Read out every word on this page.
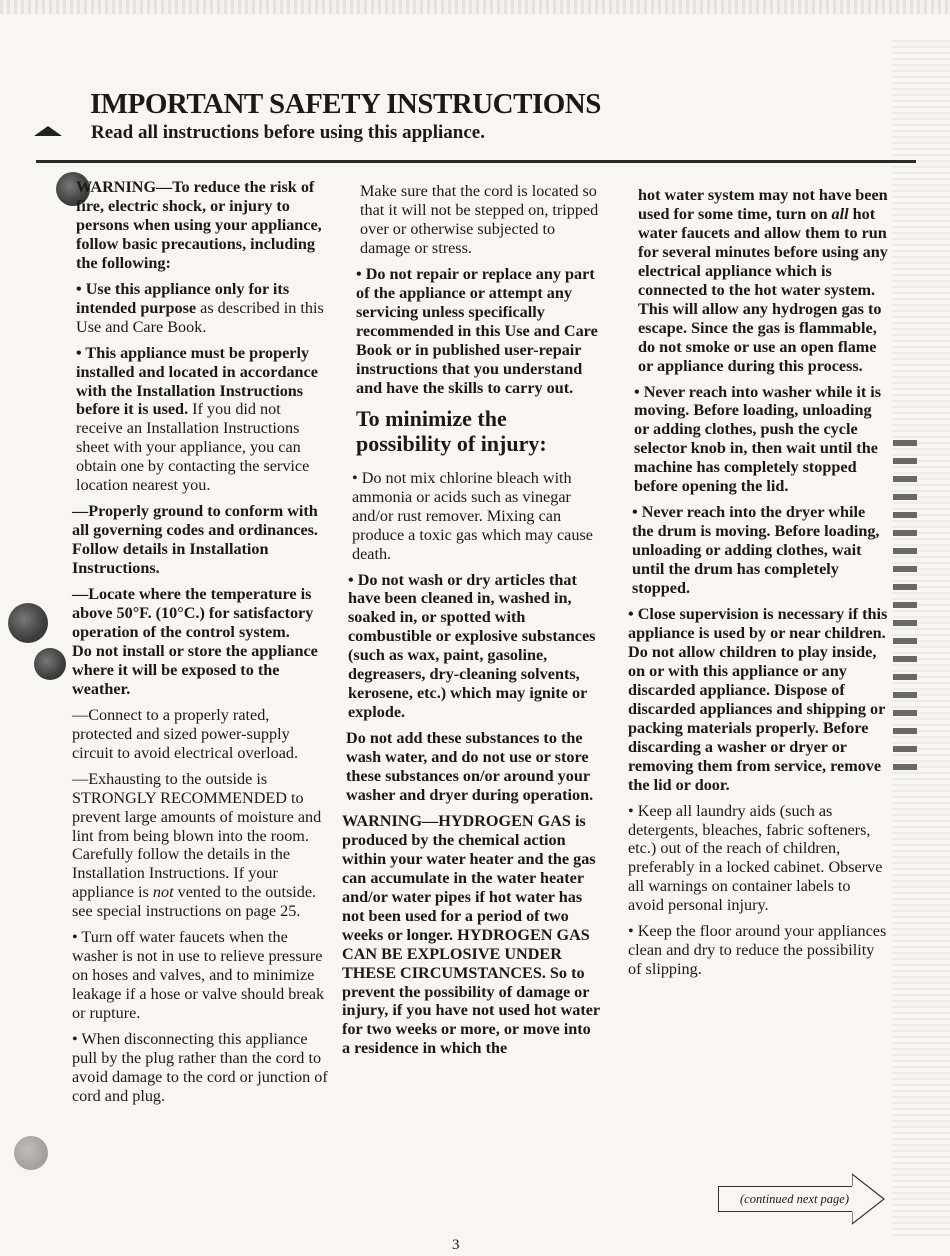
IMPORTANT SAFETY INSTRUCTIONS
Read all instructions before using this appliance.

WARNING—To reduce the risk of fire, electric shock, or injury to persons when using your appliance, follow basic precautions, including the following:

• Use this appliance only for its intended purpose as described in this Use and Care Book.

• This appliance must be properly installed and located in accordance with the Installation Instructions before it is used. If you did not receive an Installation Instructions sheet with your appliance, you can obtain one by contacting the service location nearest you.

—Properly ground to conform with all governing codes and ordinances. Follow details in Installation Instructions.

—Locate where the temperature is above 50°F. (10°C.) for satisfactory operation of the control system.

Do not install or store the appliance where it will be exposed to the weather.

—Connect to a properly rated, protected and sized power-supply circuit to avoid electrical overload.

—Exhausting to the outside is STRONGLY RECOMMENDED to prevent large amounts of moisture and lint from being blown into the room. Carefully follow the details in the Installation Instructions. If your appliance is not vented to the outside. see special instructions on page 25.

• Turn off water faucets when the washer is not in use to relieve pressure on hoses and valves, and to minimize leakage if a hose or valve should break or rupture.

• When disconnecting this appliance pull by the plug rather than the cord to avoid damage to the cord or junction of cord and plug.

Make sure that the cord is located so that it will not be stepped on, tripped over or otherwise subjected to damage or stress.

• Do not repair or replace any part of the appliance or attempt any servicing unless specifically recommended in this Use and Care Book or in published user-repair instructions that you understand and have the skills to carry out.

To minimize the possibility of injury:

• Do not mix chlorine bleach with ammonia or acids such as vinegar and/or rust remover. Mixing can produce a toxic gas which may cause death.

• Do not wash or dry articles that have been cleaned in, washed in, soaked in, or spotted with combustible or explosive substances (such as wax, paint, gasoline, degreasers, dry-cleaning solvents, kerosene, etc.) which may ignite or explode.

Do not add these substances to the wash water, and do not use or store these substances on/or around your washer and dryer during operation.

WARNING—HYDROGEN GAS is produced by the chemical action within your water heater and the gas can accumulate in the water heater and/or water pipes if hot water has not been used for a period of two weeks or longer. HYDROGEN GAS CAN BE EXPLOSIVE UNDER THESE CIRCUMSTANCES. So to prevent the possibility of damage or injury, if you have not used hot water for two weeks or more, or move into a residence in which the

hot water system may not have been used for some time, turn on all hot water faucets and allow them to run for several minutes before using any electrical appliance which is connected to the hot water system. This will allow any hydrogen gas to escape. Since the gas is flammable, do not smoke or use an open flame or appliance during this process.

• Never reach into washer while it is moving. Before loading, unloading or adding clothes, push the cycle selector knob in, then wait until the machine has completely stopped before opening the lid.

• Never reach into the dryer while the drum is moving. Before loading, unloading or adding clothes, wait until the drum has completely stopped.

• Close supervision is necessary if this appliance is used by or near children. Do not allow children to play inside, on or with this appliance or any discarded appliance. Dispose of discarded appliances and shipping or packing materials properly. Before discarding a washer or dryer or removing them from service, remove the lid or door.

• Keep all laundry aids (such as detergents, bleaches, fabric softeners, etc.) out of the reach of children, preferably in a locked cabinet. Observe all warnings on container labels to avoid personal injury.

• Keep the floor around your appliances clean and dry to reduce the possibility of slipping.

(continued next page)
3
